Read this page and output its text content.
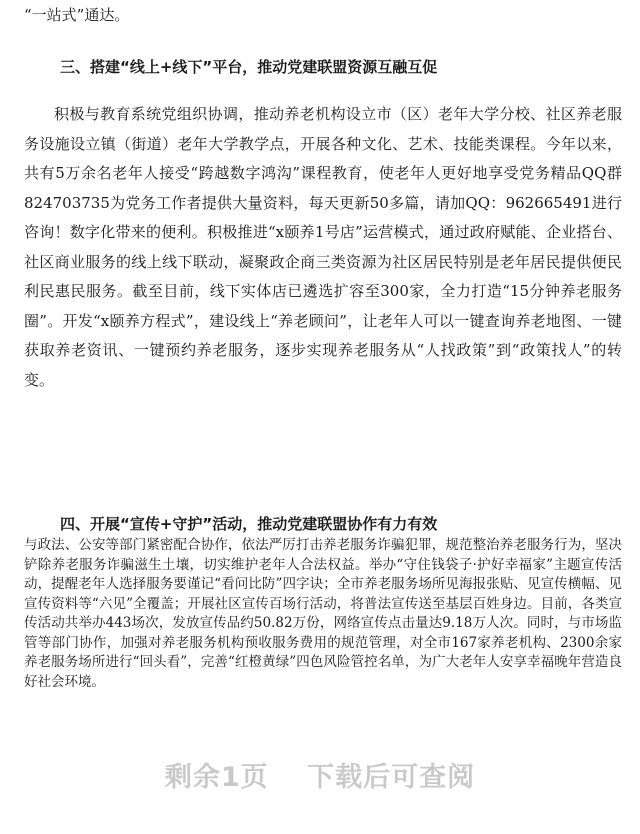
“一站式”通达。
三、搭建“线上+线下”平台，推动党建联盟资源互融互促
积极与教育系统党组织协调，推动养老机构设立市（区）老年大学分校、社区养老服务设施设立镇（街道）老年大学教学点，开展各种文化、艺术、技能类课程。今年以来，共有5万余名老年人接受“跨越数字鸿沟”课程教育，使老年人更好地享受党务精品QQ群824703735为党务工作者提供大量资料，每天更新50多篇，请加QQ：962665491进行咨询！数字化带来的便利。积极推进“x颐养1号店”运营模式，通过政府赋能、企业搭台、社区商业服务的线上线下联动，凝聚政企商三类资源为社区居民特别是老年居民提供便民利民惠民服务。截至目前，线下实体店已遴选扩容至300家，全力打造“15分钟养老服务圈”。开发“x颐养方程式”，建设线上“养老顾问”，让老年人可以一键查询养老地图、一键获取养老资讯、一键预约养老服务，逐步实现养老服务从“人找政策”到“政策找人”的转变。
四、开展“宣传+守护”活动，推动党建联盟协作有力有效
与政法、公安等部门紧密配合协作，依法严厉打击养老服务诈骗犯罪，规范整治养老服务行为，坚决铲除养老服务诈骗滋生土壤，切实维护老年人合法权益。举办“守住钱袋子·护好幸福家”主题宣传活动，提醒老年人选择服务要谨记“看问比防”四字诀；全市养老服务场所见海报张贴、见宣传横幅、见宣传资料等“六见”全覆盖；开展社区宣传百场行活动，将普法宣传送至基层百姓身边。目前，各类宣传活动共举办443场次，发放宣传品约50.82万份，网络宣传点击量达9.18万人次。同时，与市场监管等部门协作，加强对养老服务机构预收服务费用的规范管理，对全市167家养老机构、2300余家养老服务场所进行“回头看”，完善“红橙黄绿”四色风险管控名单，为广大老年人安享幸福晚年营造良好社会环境。
剩余1页 下载后可查阅
